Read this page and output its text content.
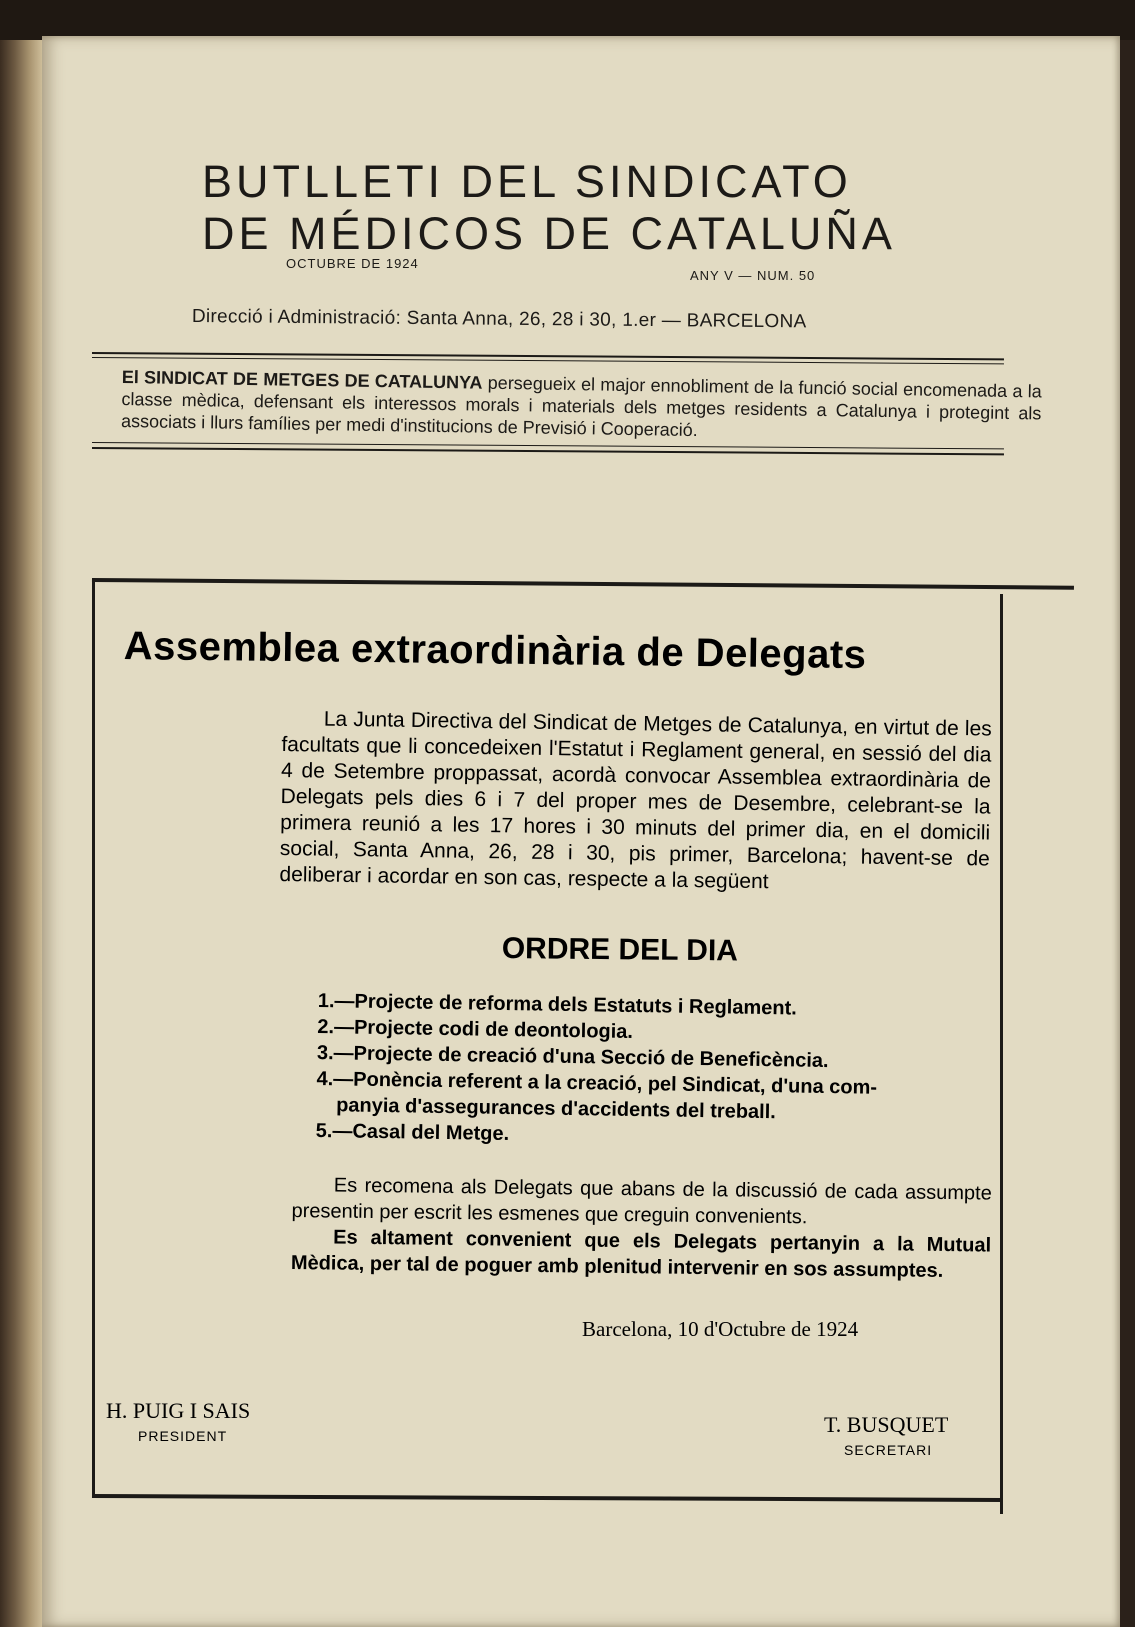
BUTLLETI DEL SINDICATO
DE MÉDICOS DE CATALUÑA
OCTUBRE DE 1924
ANY V — NUM. 50
Direcció i Administració: Santa Anna, 26, 28 i 30, 1.er — BARCELONA
El SINDICAT DE METGES DE CATALUNYA persegueix el major ennobliment de la funció social encomenada a la classe mèdica, defensant els interessos morals i materials dels metges residents a Catalunya i protegint als associats i llurs famílies per medi d'institucions de Previsió i Cooperació.
Assemblea extraordinària de Delegats

La Junta Directiva del Sindicat de Metges de Catalunya, en virtut de les facultats que li concedeixen l'Estatut i Reglament general, en sessió del dia 4 de Setembre proppassat, acordà convocar Assemblea extraordinària de Delegats pels dies 6 i 7 del proper mes de Desembre, celebrant-se la primera reunió a les 17 hores i 30 minuts del primer dia, en el domicili social, Santa Anna, 26, 28 i 30, pis primer, Barcelona; havent-se de deliberar i acordar en son cas, respecte a la següent

ORDRE DEL DIA
1.—Projecte de reforma dels Estatuts i Reglament.
2.—Projecte codi de deontologia.
3.—Projecte de creació d'una Secció de Beneficència.
4.—Ponència referent a la creació, pel Sindicat, d'una com-
panyia d'assegurances d'accidents del treball.
5.—Casal del Metge.

Es recomena als Delegats que abans de la discussió de cada assumpte presentin per escrit les esmenes que creguin convenients.

Es altament convenient que els Delegats pertanyin a la Mutual Mèdica, per tal de poguer amb plenitud intervenir en sos assumptes.

Barcelona, 10 d'Octubre de 1924
H. PUIG I SAIS
PRESIDENT	T. BUSQUET
SECRETARI
